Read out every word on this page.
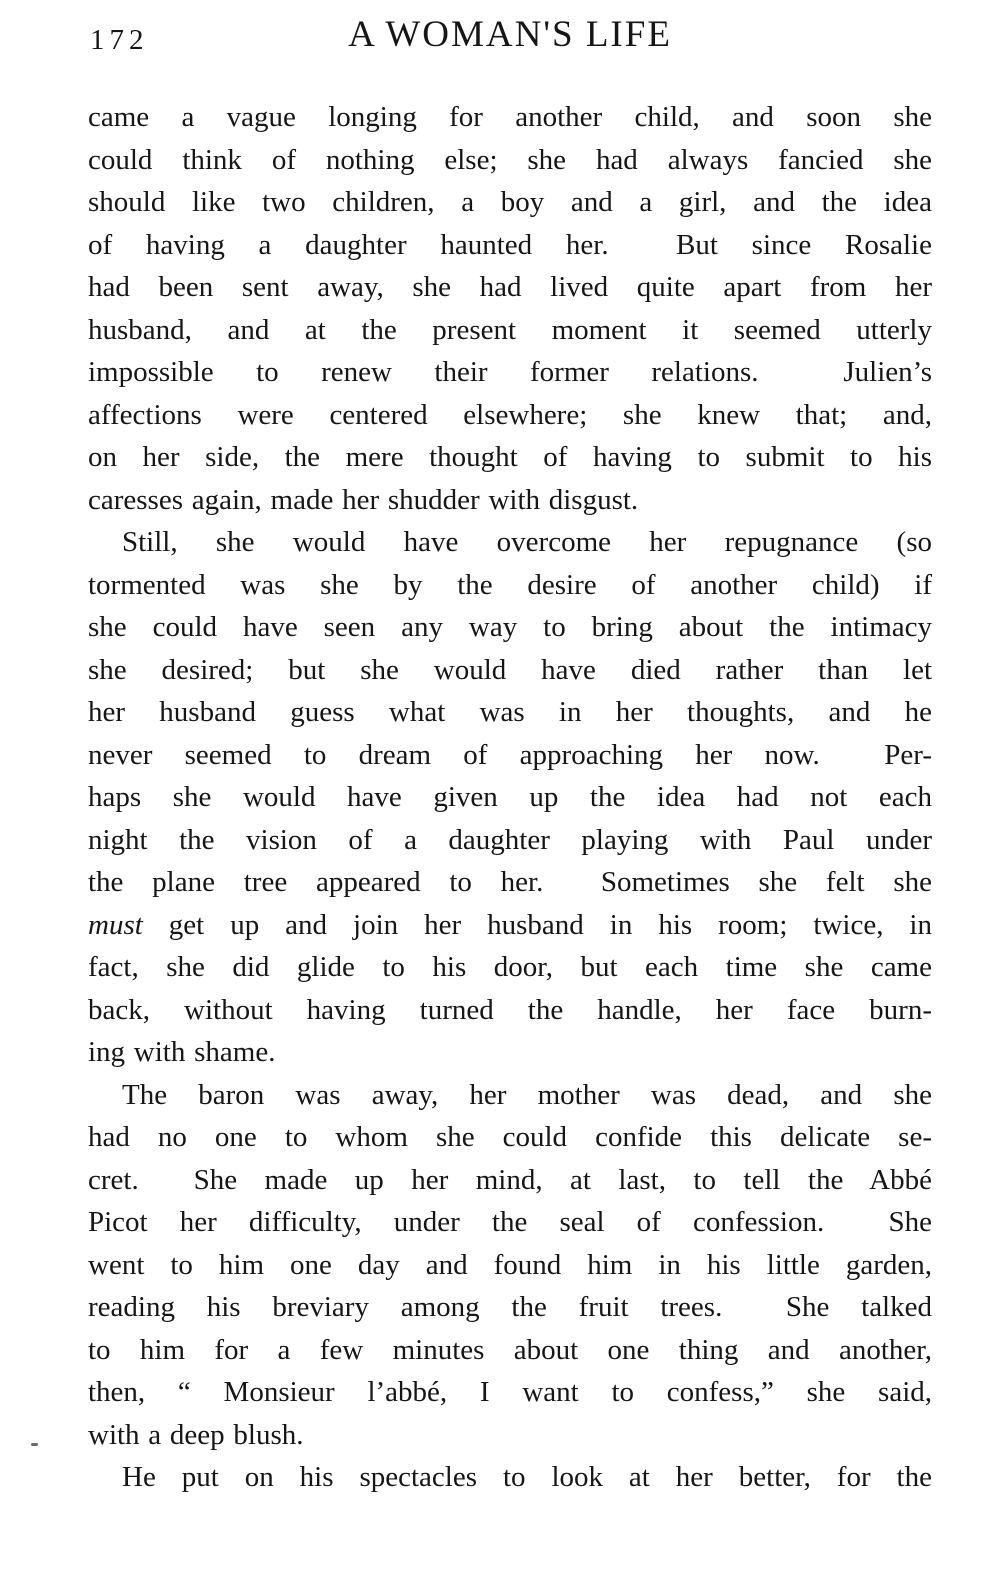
172	A WOMAN'S LIFE
came a vague longing for another child, and soon she
could think of nothing else; she had always fancied she
should like two children, a boy and a girl, and the idea
of having a daughter haunted her.  But since Rosalie
had been sent away, she had lived quite apart from her
husband, and at the present moment it seemed utterly
impossible to renew their former relations.  Julien’s
affections were centered elsewhere; she knew that; and,
on her side, the mere thought of having to submit to his
caresses again, made her shudder with disgust.
Still, she would have overcome her repugnance (so
tormented was she by the desire of another child) if
she could have seen any way to bring about the intimacy
she desired; but she would have died rather than let
her husband guess what was in her thoughts, and he
never seemed to dream of approaching her now.  Per-
haps she would have given up the idea had not each
night the vision of a daughter playing with Paul under
the plane tree appeared to her.  Sometimes she felt she
must get up and join her husband in his room; twice, in
fact, she did glide to his door, but each time she came
back, without having turned the handle, her face burn-
ing with shame.
The baron was away, her mother was dead, and she
had no one to whom she could confide this delicate se-
cret.  She made up her mind, at last, to tell the Abbé
Picot her difficulty, under the seal of confession.  She
went to him one day and found him in his little garden,
reading his breviary among the fruit trees.  She talked
to him for a few minutes about one thing and another,
then, “ Monsieur l’abbé, I want to confess,” she said,
with a deep blush.
He put on his spectacles to look at her better, for the
